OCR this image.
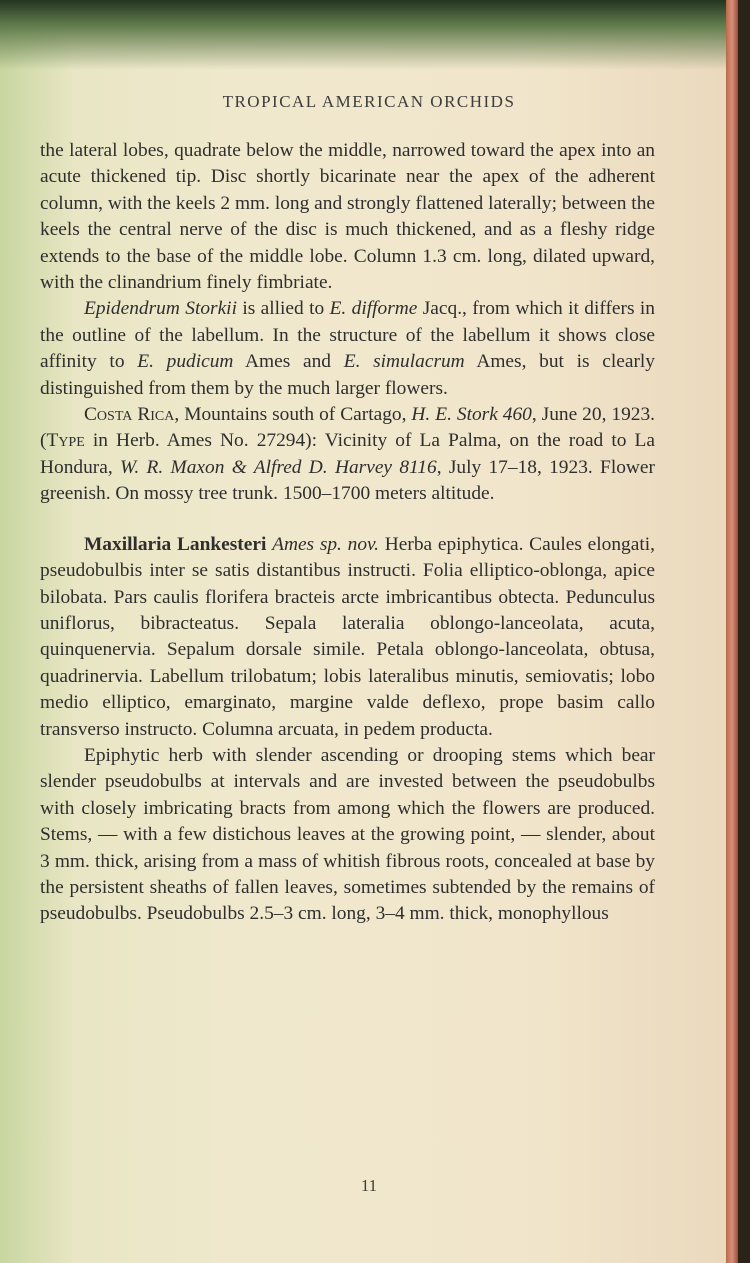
TROPICAL AMERICAN ORCHIDS

the lateral lobes, quadrate below the middle, narrowed toward the apex into an acute thickened tip. Disc shortly bicarinate near the apex of the adherent column, with the keels 2 mm. long and strongly flattened laterally; between the keels the central nerve of the disc is much thickened, and as a fleshy ridge extends to the base of the middle lobe. Column 1.3 cm. long, dilated upward, with the clinandrium finely fimbriate.

Epidendrum Storkii is allied to E. difforme Jacq., from which it differs in the outline of the labellum. In the structure of the labellum it shows close affinity to E. pudicum Ames and E. simulacrum Ames, but is clearly distinguished from them by the much larger flowers.

Costa Rica, Mountains south of Cartago, H. E. Stork 460, June 20, 1923. (Type in Herb. Ames No. 27294): Vicinity of La Palma, on the road to La Hondura, W. R. Maxon & Alfred D. Harvey 8116, July 17–18, 1923. Flower greenish. On mossy tree trunk. 1500–1700 meters altitude.

Maxillaria Lankesteri Ames sp. nov. Herba epiphytica. Caules elongati, pseudobulbis inter se satis distantibus instructi. Folia elliptico-oblonga, apice bilobata. Pars caulis florifera bracteis arcte imbricantibus obtecta. Pedunculus uniflorus, bibracteatus. Sepala lateralia oblongo-lanceolata, acuta, quinquenervia. Sepalum dorsale simile. Petala oblongo-lanceolata, obtusa, quadrinervia. Labellum trilobatum; lobis lateralibus minutis, semiovatis; lobo medio elliptico, emarginato, margine valde deflexo, prope basim callo transverso instructo. Columna arcuata, in pedem producta.

Epiphytic herb with slender ascending or drooping stems which bear slender pseudobulbs at intervals and are invested between the pseudobulbs with closely imbricating bracts from among which the flowers are produced. Stems, — with a few distichous leaves at the growing point, — slender, about 3 mm. thick, arising from a mass of whitish fibrous roots, concealed at base by the persistent sheaths of fallen leaves, sometimes subtended by the remains of pseudobulbs. Pseudobulbs 2.5–3 cm. long, 3–4 mm. thick, monophyllous

11
